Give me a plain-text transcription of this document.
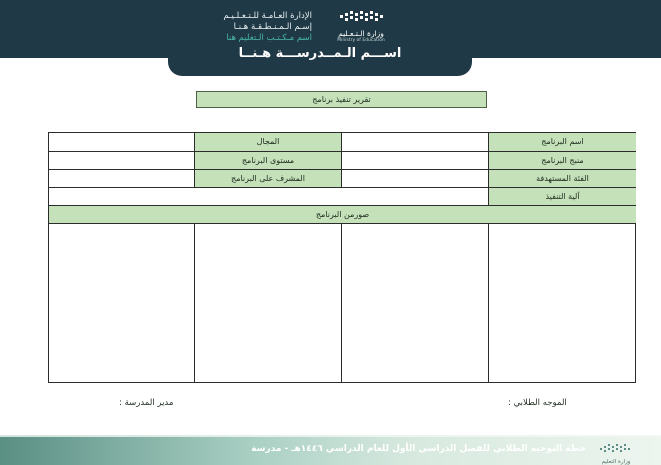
اســـم الـمــدرســـة هـنــا
الإدارة العـامـة للـتـعـلـيـم
إسـم الـمـنـطـقـة هـنـا
اسم مـكـتـب الـتعليم هنا	وزارة الـتـعـليم
Ministry of Education
تقرير تنفيذ برنامج
اسم البرنامج
المجال
منبج البرنامج
مستوى البرنامج
الفئة المستهدفة
المشرف على البرنامج
آلية التنفيذ
صورمن البرنامج
الموجه الطلابي :
مدير المدرسة :
خطة التوجيه الطلابي للفصل الدراسي الأول للعام الدراسي ١٤٤٦هـ - مدرسة
وزارة التعليم
